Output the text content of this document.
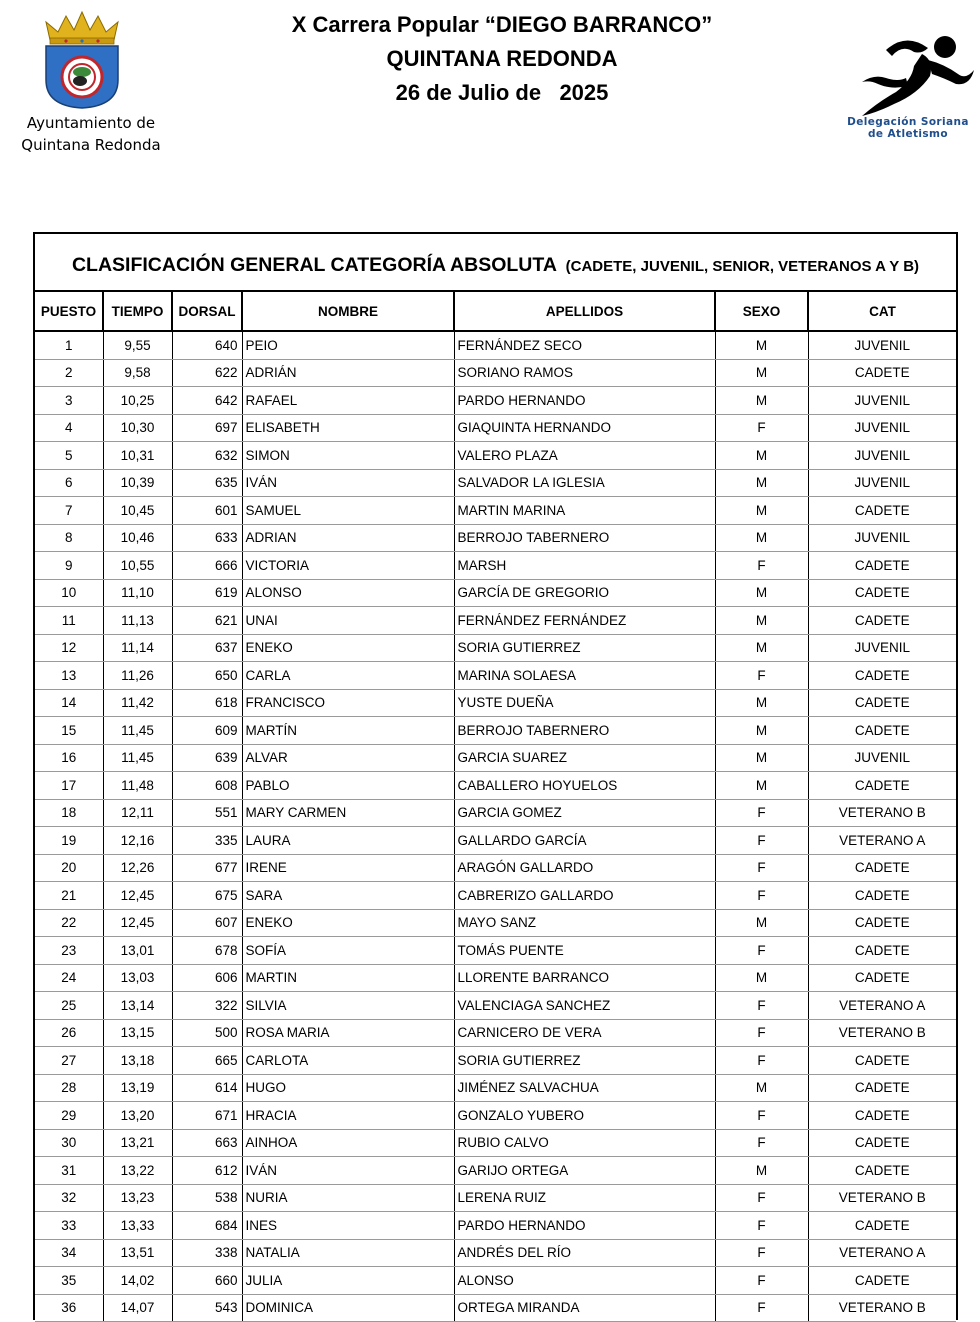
Ayuntamiento de
Quintana Redonda
X Carrera Popular “DIEGO BARRANCO”
QUINTANA REDONDA
26 de Julio de   2025
Delegación Soriana
de Atletismo
CLASIFICACIÓN GENERAL CATEGORÍA ABSOLUTA (CADETE, JUVENIL, SENIOR, VETERANOS A Y B)
PUESTO	TIEMPO	DORSAL	NOMBRE	APELLIDOS	SEXO	CAT
1	9,55	640	PEIO	FERNÁNDEZ SECO	M	JUVENIL
2	9,58	622	ADRIÁN	SORIANO RAMOS	M	CADETE
3	10,25	642	RAFAEL	PARDO HERNANDO	M	JUVENIL
4	10,30	697	ELISABETH	GIAQUINTA HERNANDO	F	JUVENIL
5	10,31	632	SIMON	VALERO PLAZA	M	JUVENIL
6	10,39	635	IVÁN	SALVADOR LA IGLESIA	M	JUVENIL
7	10,45	601	SAMUEL	MARTIN MARINA	M	CADETE
8	10,46	633	ADRIAN	BERROJO TABERNERO	M	JUVENIL
9	10,55	666	VICTORIA	MARSH	F	CADETE
10	11,10	619	ALONSO	GARCÍA DE GREGORIO	M	CADETE
11	11,13	621	UNAI	FERNÁNDEZ FERNÁNDEZ	M	CADETE
12	11,14	637	ENEKO	SORIA GUTIERREZ	M	JUVENIL
13	11,26	650	CARLA	MARINA SOLAESA	F	CADETE
14	11,42	618	FRANCISCO	YUSTE DUEÑA	M	CADETE
15	11,45	609	MARTÍN	BERROJO TABERNERO	M	CADETE
16	11,45	639	ALVAR	GARCIA SUAREZ	M	JUVENIL
17	11,48	608	PABLO	CABALLERO HOYUELOS	M	CADETE
18	12,11	551	MARY CARMEN	GARCIA GOMEZ	F	VETERANO B
19	12,16	335	LAURA	GALLARDO GARCÍA	F	VETERANO A
20	12,26	677	IRENE	ARAGÓN GALLARDO	F	CADETE
21	12,45	675	SARA	CABRERIZO GALLARDO	F	CADETE
22	12,45	607	ENEKO	MAYO SANZ	M	CADETE
23	13,01	678	SOFÍA	TOMÁS PUENTE	F	CADETE
24	13,03	606	MARTIN	LLORENTE BARRANCO	M	CADETE
25	13,14	322	SILVIA	VALENCIAGA SANCHEZ	F	VETERANO A
26	13,15	500	ROSA MARIA	CARNICERO DE VERA	F	VETERANO B
27	13,18	665	CARLOTA	SORIA GUTIERREZ	F	CADETE
28	13,19	614	HUGO	JIMÉNEZ SALVACHUA	M	CADETE
29	13,20	671	HRACIA	GONZALO YUBERO	F	CADETE
30	13,21	663	AINHOA	RUBIO CALVO	F	CADETE
31	13,22	612	IVÁN	GARIJO ORTEGA	M	CADETE
32	13,23	538	NURIA	LERENA RUIZ	F	VETERANO B
33	13,33	684	INES	PARDO HERNANDO	F	CADETE
34	13,51	338	NATALIA	ANDRÉS DEL RÍO	F	VETERANO A
35	14,02	660	JULIA	ALONSO	F	CADETE
36	14,07	543	DOMINICA	ORTEGA MIRANDA	F	VETERANO B
